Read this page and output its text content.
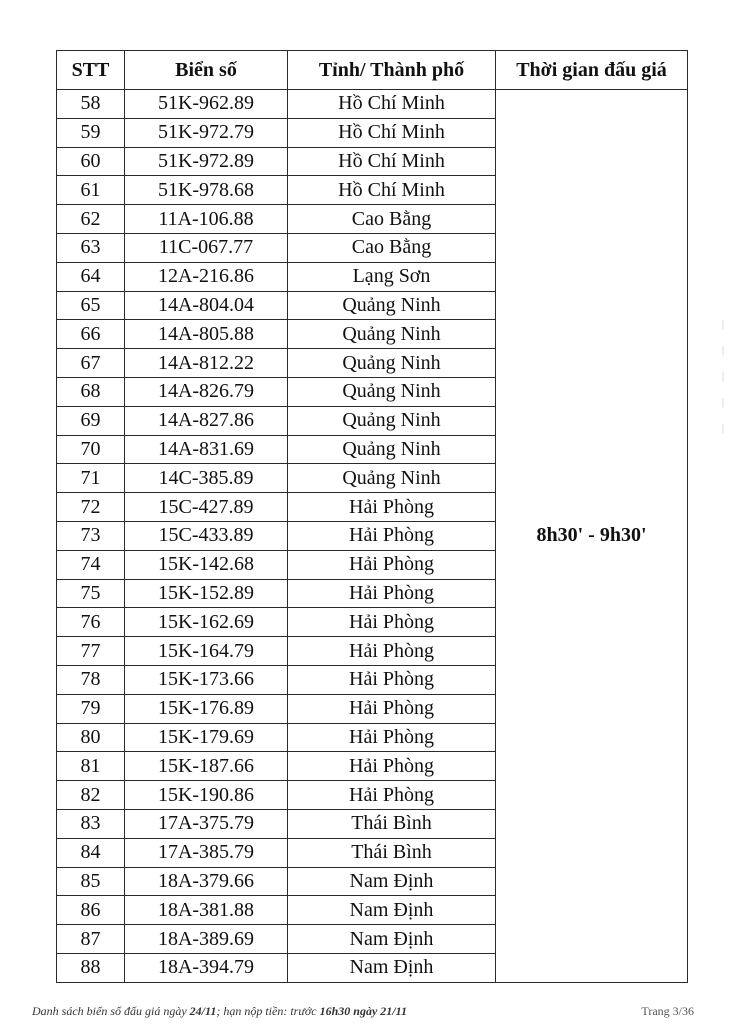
STT	Biển số	Tỉnh/ Thành phố	Thời gian đấu giá
58	51K-962.89	Hồ Chí Minh	8h30' - 9h30'
59	51K-972.79	Hồ Chí Minh	
60	51K-972.89	Hồ Chí Minh	
61	51K-978.68	Hồ Chí Minh	
62	11A-106.88	Cao Bằng	
63	11C-067.77	Cao Bằng	
64	12A-216.86	Lạng Sơn	
65	14A-804.04	Quảng Ninh	
66	14A-805.88	Quảng Ninh	
67	14A-812.22	Quảng Ninh	
68	14A-826.79	Quảng Ninh	
69	14A-827.86	Quảng Ninh	
70	14A-831.69	Quảng Ninh	
71	14C-385.89	Quảng Ninh	
72	15C-427.89	Hải Phòng	
73	15C-433.89	Hải Phòng	
74	15K-142.68	Hải Phòng	
75	15K-152.89	Hải Phòng	
76	15K-162.69	Hải Phòng	
77	15K-164.79	Hải Phòng	
78	15K-173.66	Hải Phòng	
79	15K-176.89	Hải Phòng	
80	15K-179.69	Hải Phòng	
81	15K-187.66	Hải Phòng	
82	15K-190.86	Hải Phòng	
83	17A-375.79	Thái Bình	
84	17A-385.79	Thái Bình	
85	18A-379.66	Nam Định	
86	18A-381.88	Nam Định	
87	18A-389.69	Nam Định	
88	18A-394.79	Nam Định	
Danh sách biển số đấu giá ngày 24/11; hạn nộp tiền: trước 16h30 ngày 21/11	Trang 3/36
|
|
|
|
|
